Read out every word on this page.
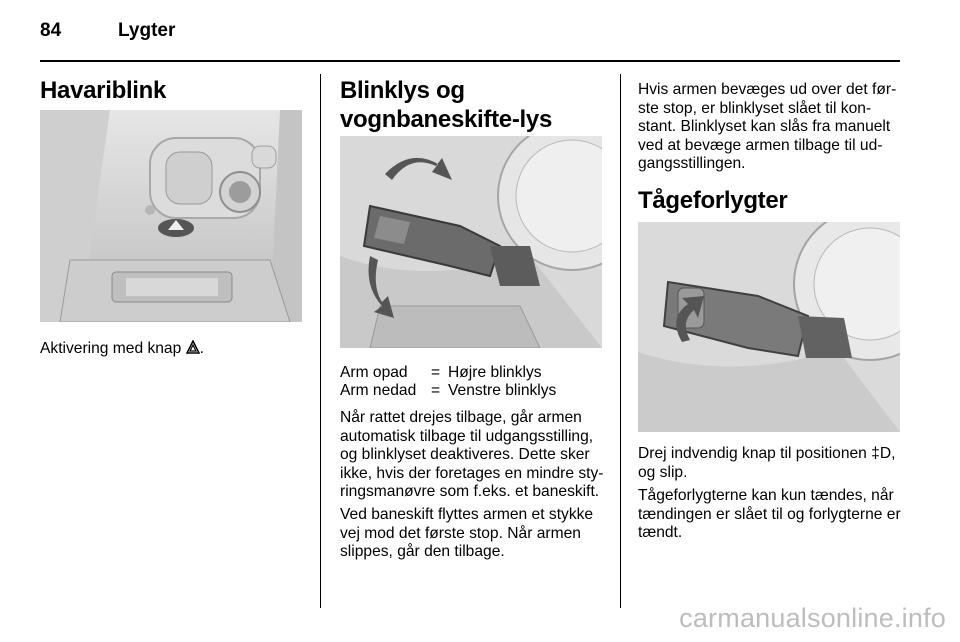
84	Lygter
Havariblink

Aktivering med knap .

Blinklys og
vognbaneskifte-lys
Arm opad = Højre blinklys
Arm nedad = Venstre blinklys

Når rattet drejes tilbage, går armen
automatisk tilbage til udgangsstilling,
og blinklyset deaktiveres. Dette sker
ikke, hvis der foretages en mindre sty-
ringsmanøvre som f.eks. et baneskift.

Ved baneskift flyttes armen et stykke
vej mod det første stop. Når armen
slippes, går den tilbage.

Hvis armen bevæges ud over det før-
ste stop, er blinklyset slået til kon-
stant. Blinklyset kan slås fra manuelt
ved at bevæge armen tilbage til ud-
gangsstillingen.

Tågeforlygter

Drej indvendig knap til positionen ‡D,
og slip.

Tågeforlygterne kan kun tændes, når
tændingen er slået til og forlygterne er
tændt.

carmanualsonline.info
